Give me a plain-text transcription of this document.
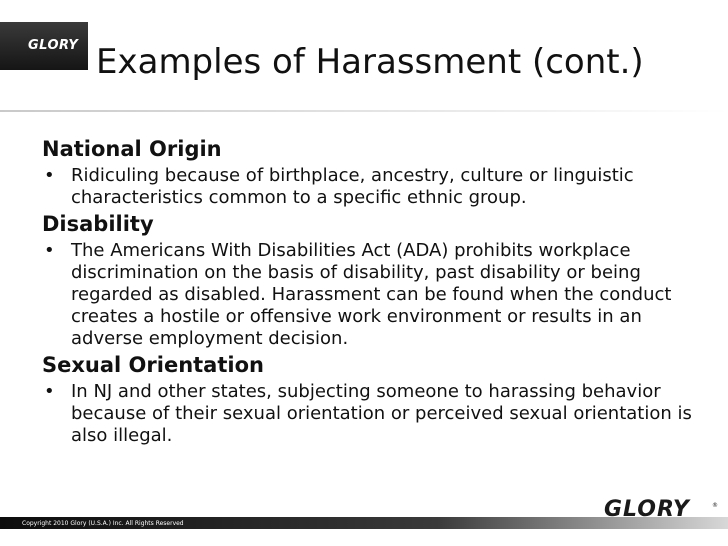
GLORY Examples of Harassment (cont.)

National Origin

• Ridiculing because of birthplace, ancestry, culture or linguistic characteristics common to a specific ethnic group.

Disability

• The Americans With Disabilities Act (ADA) prohibits workplace discrimination on the basis of disability, past disability or being regarded as disabled. Harassment can be found when the conduct creates a hostile or offensive work environment or results in an adverse employment decision.

Sexual Orientation

• In NJ and other states, subjecting someone to harassing behavior because of their sexual orientation or perceived sexual orientation is also illegal.
Copyright 2010 Glory (U.S.A.) Inc. All Rights Reserved
GLORY	®
